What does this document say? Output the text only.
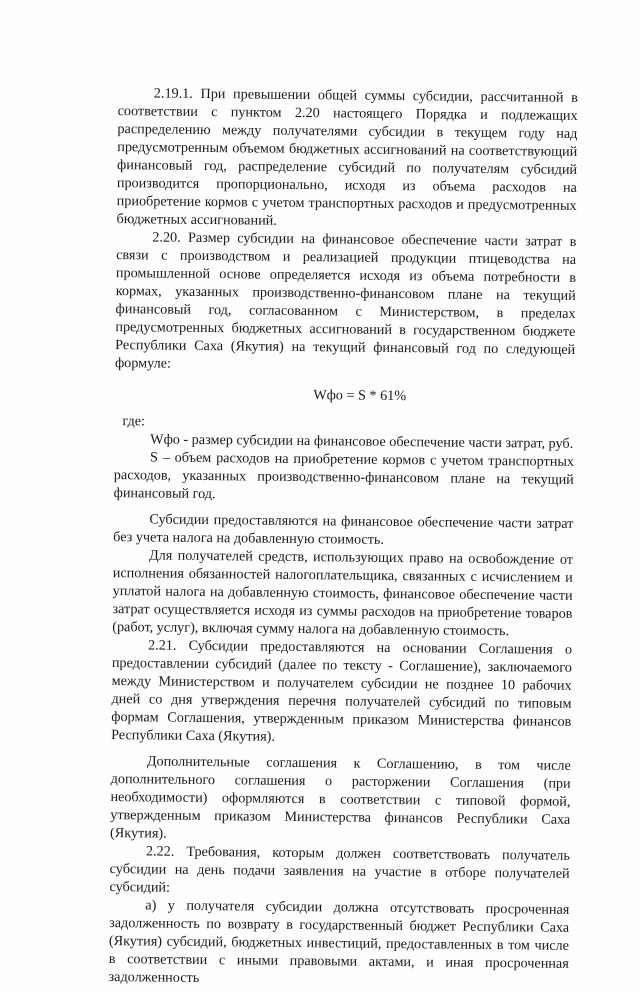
2.19.1. При превышении общей суммы субсидии, рассчитанной в соответствии с пунктом 2.20 настоящего Порядка и подлежащих распределению между получателями субсидии в текущем году над предусмотренным объемом бюджетных ассигнований на соответствующий финансовый год, распределение субсидий по получателям субсидий производится пропорционально, исходя из объема расходов на приобретение кормов с учетом транспортных расходов и предусмотренных бюджетных ассигнований.

2.20. Размер субсидии на финансовое обеспечение части затрат в связи с производством и реализацией продукции птицеводства на промышленной основе определяется исходя из объема потребности в кормах, указанных производственно-финансовом плане на текущий финансовый год, согласованном с Министерством, в пределах предусмотренных бюджетных ассигнований в государственном бюджете Республики Саха (Якутия) на текущий финансовый год по следующей формуле:

Wфо = S * 61%

где:

Wфо - размер субсидии на финансовое обеспечение части затрат, руб.

S – объем расходов на приобретение кормов с учетом транспортных расходов, указанных производственно-финансовом плане на текущий финансовый год.

Субсидии предоставляются на финансовое обеспечение части затрат без учета налога на добавленную стоимость.

Для получателей средств, использующих право на освобождение от исполнения обязанностей налогоплательщика, связанных с исчислением и уплатой налога на добавленную стоимость, финансовое обеспечение части затрат осуществляется исходя из суммы расходов на приобретение товаров (работ, услуг), включая сумму налога на добавленную стоимость.

2.21. Субсидии предоставляются на основании Соглашения о предоставлении субсидий (далее по тексту - Соглашение), заключаемого между Министерством и получателем субсидии не позднее 10 рабочих дней со дня утверждения перечня получателей субсидий по типовым формам Соглашения, утвержденным приказом Министерства финансов Республики Саха (Якутия).

Дополнительные соглашения к Соглашению, в том числе дополнительного соглашения о расторжении Соглашения (при необходимости) оформляются в соответствии с типовой формой, утвержденным приказом Министерства финансов Республики Саха (Якутия).

2.22. Требования, которым должен соответствовать получатель субсидии на день подачи заявления на участие в отборе получателей субсидий:

а) у получателя субсидии должна отсутствовать просроченная задолженность по возврату в государственный бюджет Республики Саха (Якутия) субсидий, бюджетных инвестиций, предоставленных в том числе в соответствии с иными правовыми актами, и иная просроченная задолженность
